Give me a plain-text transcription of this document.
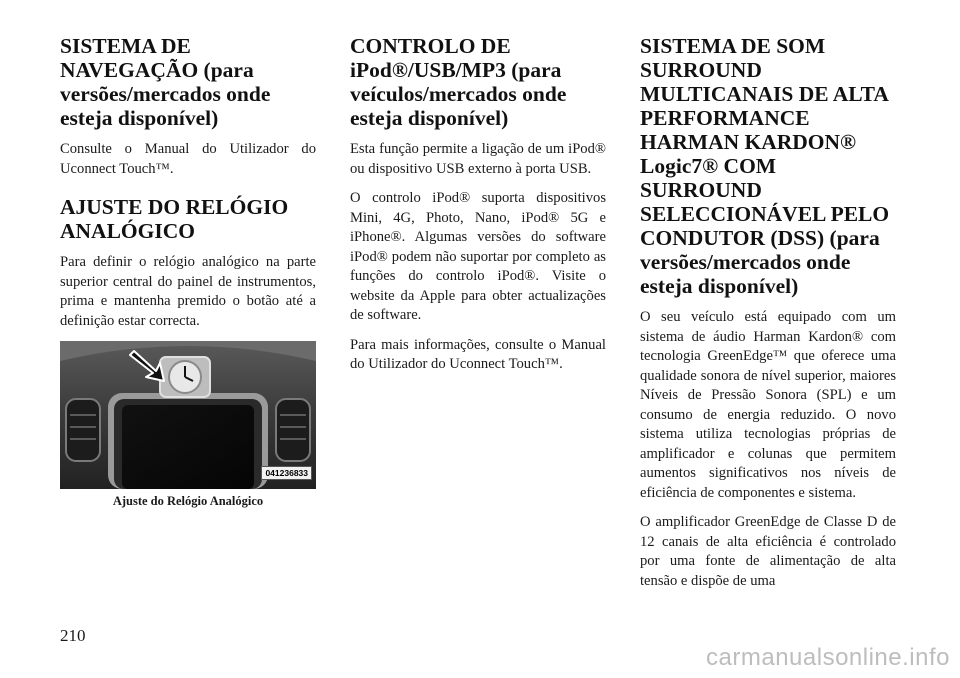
SISTEMA DE NAVEGAÇÃO (para versões/mercados onde esteja disponível)

Consulte o Manual do Utilizador do Uconnect Touch™.

AJUSTE DO RELÓGIO ANALÓGICO

Para definir o relógio analógico na parte superior central do painel de instrumentos, prima e mantenha premido o botão até a definição estar correcta.

041236833
Ajuste do Relógio Analógico
CONTROLO DE iPod®/USB/MP3 (para veículos/mercados onde esteja disponível)

Esta função permite a ligação de um iPod® ou dispositivo USB externo à porta USB.

O controlo iPod® suporta dispositivos Mini, 4G, Photo, Nano, iPod® 5G e iPhone®. Algumas versões do software iPod® podem não suportar por completo as funções do controlo iPod®. Visite o website da Apple para obter actualizações de software.

Para mais informações, consulte o Manual do Utilizador do Uconnect Touch™.

SISTEMA DE SOM SURROUND MULTICANAIS DE ALTA PERFORMANCE HARMAN KARDON® Logic7® COM SURROUND SELECCIONÁVEL PELO CONDUTOR (DSS) (para versões/mercados onde esteja disponível)

O seu veículo está equipado com um sistema de áudio Harman Kardon® com tecnologia GreenEdge™ que oferece uma qualidade sonora de nível superior, maiores Níveis de Pressão Sonora (SPL) e um consumo de energia reduzido. O novo sistema utiliza tecnologias próprias de amplificador e colunas que permitem aumentos significativos nos níveis de eficiência de componentes e sistema.

O amplificador GreenEdge de Classe D de 12 canais de alta eficiência é controlado por uma fonte de alimentação de alta tensão e dispõe de uma

210
carmanualsonline.info
